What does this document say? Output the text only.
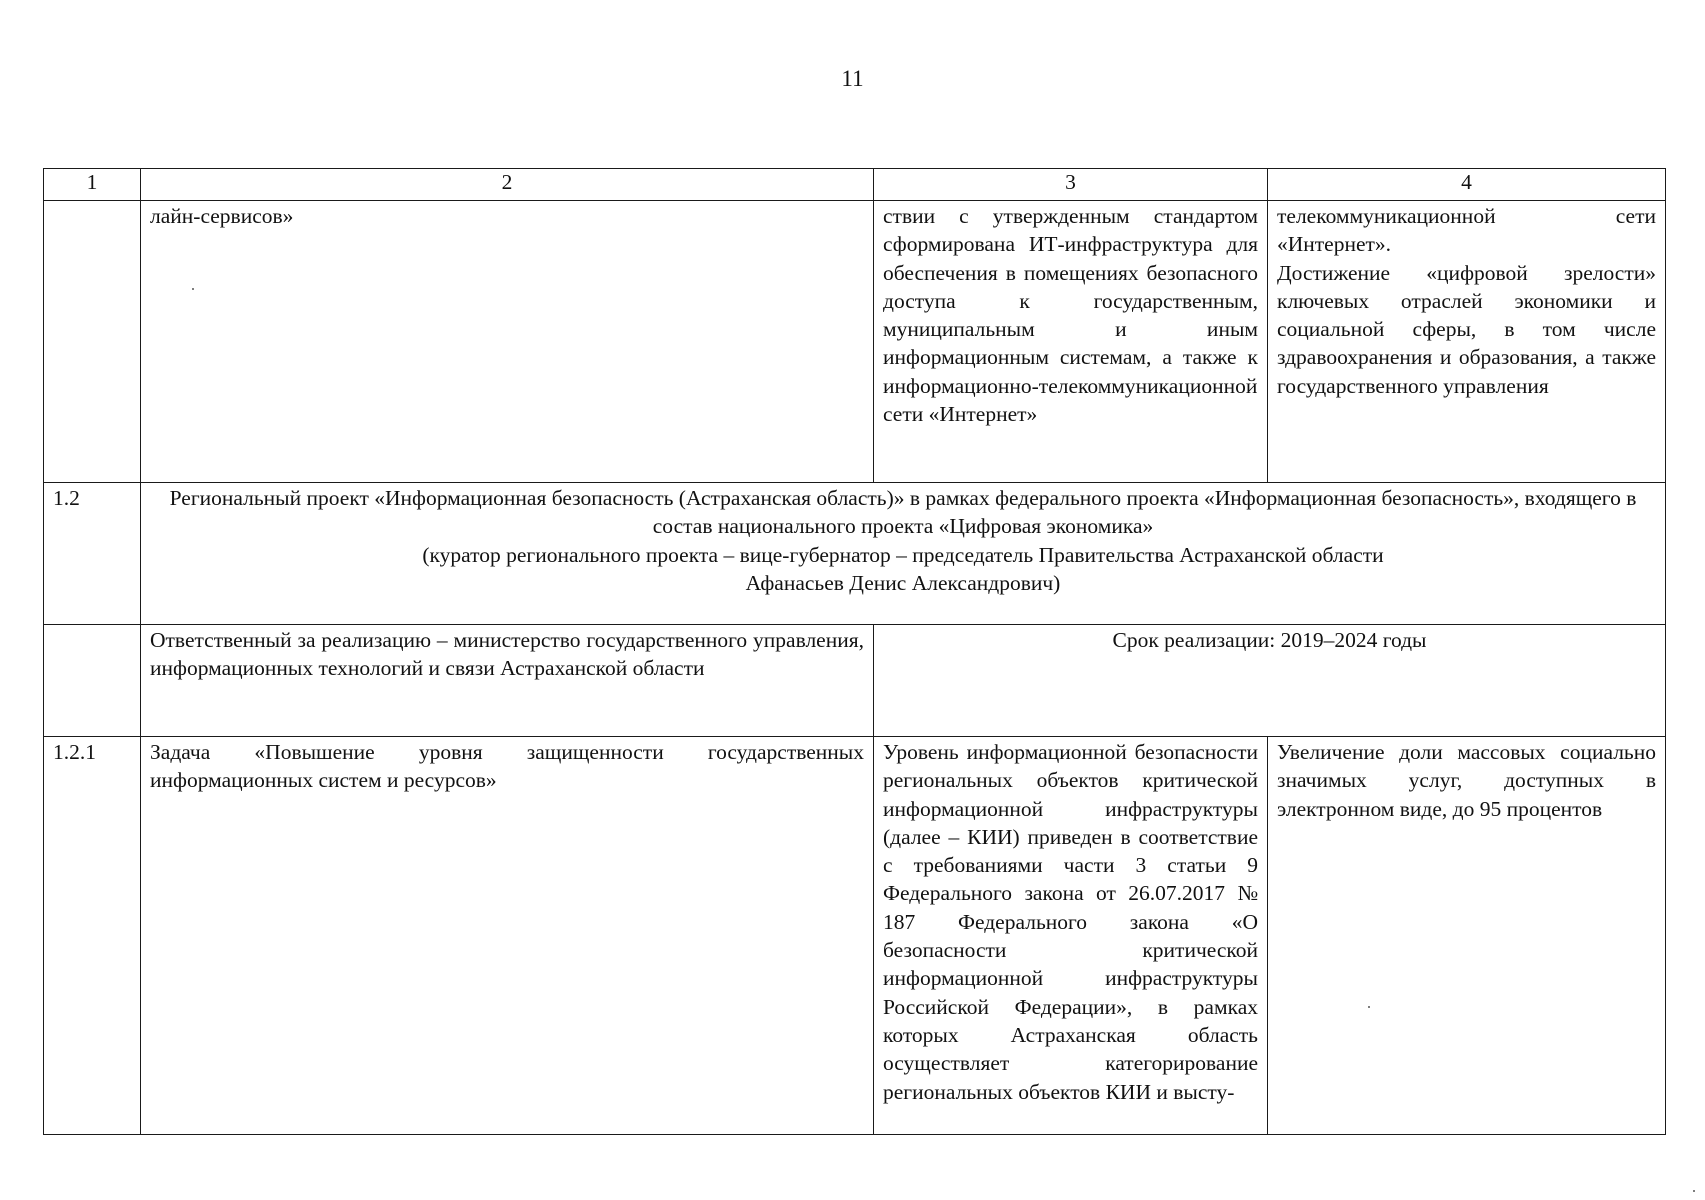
11
1	2	3	4
	лайн-сервисов»	ствии с утвержденным стандартом сформирована ИТ-инфраструктура для обеспечения в помещениях безопасного доступа к государственным, муниципальным и иным информационным системам, а также к информационно-телекоммуникационной сети «Интернет»	телекоммуникационной сети «Интернет».
Достижение «цифровой зрелости» ключевых отраслей экономики и социальной сферы, в том числе здравоохранения и образования, а также государственного управления

1.2	Региональный проект «Информационная безопасность (Астраханская область)» в рамках федерального проекта «Информационная безопасность», входящего в состав национального проекта «Цифровая экономика»
(куратор регионального проекта – вице-губернатор – председатель Правительства Астраханской области
Афанасьев Денис Александрович)		

	Ответственный за реализацию – министерство государственного управления, информационных технологий и связи Астраханской области	Срок реализации: 2019–2024 годы	
1.2.1	Задача «Повышение уровня защищенности государственных информационных систем и ресурсов»	Уровень информационной безопасности региональных объектов критической информационной инфраструктуры (далее – КИИ) приведен в соответствие с требованиями части 3 статьи 9 Федерального закона от 26.07.2017 № 187 Федерального закона «О безопасности критической информационной инфраструктуры Российской Федерации», в рамках которых Астраханская область осуществляет категорирование региональных объектов КИИ и высту-	Увеличение доли массовых социально значимых услуг, доступных в электронном виде, до 95 процентов
